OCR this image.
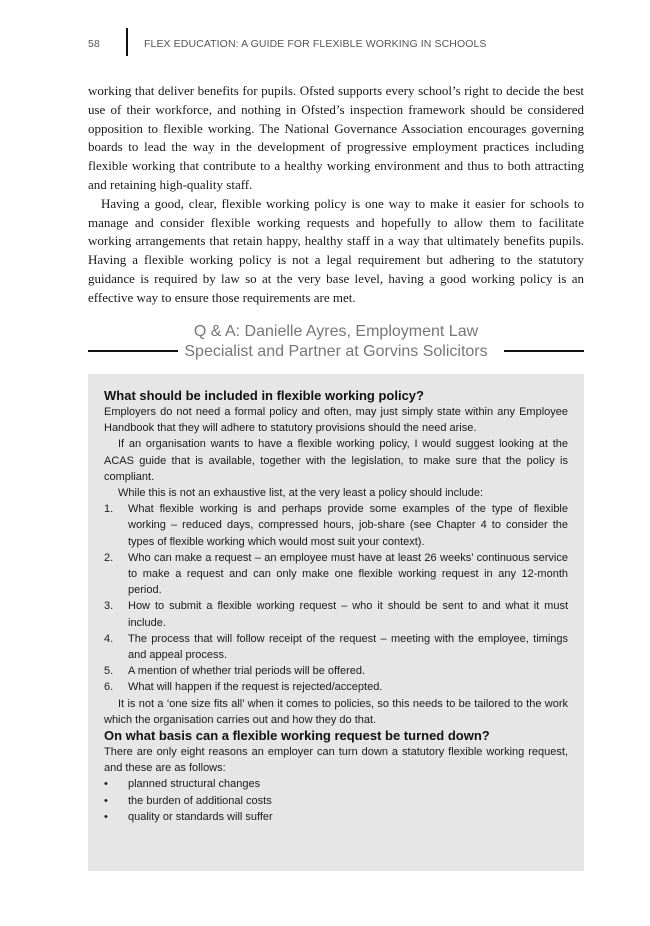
58	FLEX EDUCATION: A GUIDE FOR FLEXIBLE WORKING IN SCHOOLS

working that deliver benefits for pupils. Ofsted supports every school’s right to decide the best use of their workforce, and nothing in Ofsted’s inspection framework should be considered opposition to flexible working. The National Governance Association encourages governing boards to lead the way in the development of progressive employment practices including flexible working that contribute to a healthy working environment and thus to both attracting and retaining high-quality staff.

Having a good, clear, flexible working policy is one way to make it easier for schools to manage and consider flexible working requests and hopefully to allow them to facilitate working arrangements that retain happy, healthy staff in a way that ultimately benefits pupils. Having a flexible working policy is not a legal requirement but adhering to the statutory guidance is required by law so at the very base level, having a good working policy is an effective way to ensure those requirements are met.

Q & A: Danielle Ayres, Employment Law
Specialist and Partner at Gorvins Solicitors
What should be included in flexible working policy?

Employers do not need a formal policy and often, may just simply state within any Employee Handbook that they will adhere to statutory provisions should the need arise.

If an organisation wants to have a flexible working policy, I would suggest looking at the ACAS guide that is available, together with the legislation, to make sure that the policy is compliant.

While this is not an exhaustive list, at the very least a policy should include:

1. What flexible working is and perhaps provide some examples of the type of flexible working – reduced days, compressed hours, job-share (see Chapter 4 to consider the types of flexible working which would most suit your context).
2. Who can make a request – an employee must have at least 26 weeks’ continuous service to make a request and can only make one flexible working request in any 12-month period.
3. How to submit a flexible working request – who it should be sent to and what it must include.
4. The process that will follow receipt of the request – meeting with the employee, timings and appeal process.
5. A mention of whether trial periods will be offered.
6. What will happen if the request is rejected/accepted.

It is not a ‘one size fits all’ when it comes to policies, so this needs to be tailored to the work which the organisation carries out and how they do that.

On what basis can a flexible working request be turned down?

There are only eight reasons an employer can turn down a statutory flexible working request, and these are as follows:

• planned structural changes
• the burden of additional costs
• quality or standards will suffer
